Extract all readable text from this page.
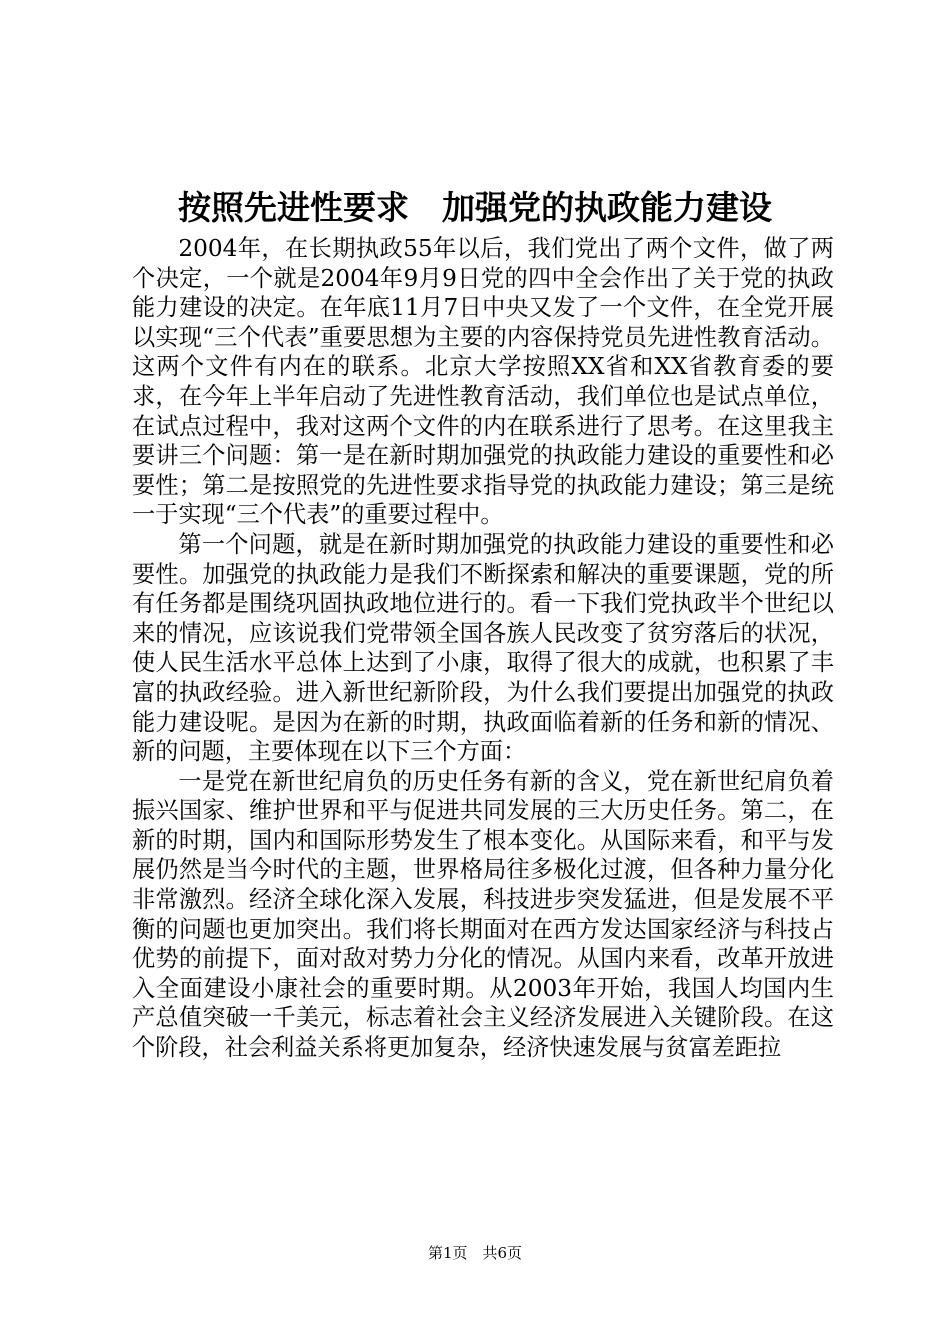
按照先进性要求　加强党的执政能力建设

2004年，在长期执政55年以后，我们党出了两个文件，做了两个决定，一个就是2004年9月9日党的四中全会作出了关于党的执政能力建设的决定。在年底11月7日中央又发了一个文件，在全党开展以实现“三个代表”重要思想为主要的内容保持党员先进性教育活动。这两个文件有内在的联系。北京大学按照XX省和XX省教育委的要求，在今年上半年启动了先进性教育活动，我们单位也是试点单位，在试点过程中，我对这两个文件的内在联系进行了思考。在这里我主要讲三个问题：第一是在新时期加强党的执政能力建设的重要性和必要性；第二是按照党的先进性要求指导党的执政能力建设；第三是统一于实现“三个代表”的重要过程中。

第一个问题，就是在新时期加强党的执政能力建设的重要性和必要性。加强党的执政能力是我们不断探索和解决的重要课题，党的所有任务都是围绕巩固执政地位进行的。看一下我们党执政半个世纪以来的情况，应该说我们党带领全国各族人民改变了贫穷落后的状况，使人民生活水平总体上达到了小康，取得了很大的成就，也积累了丰富的执政经验。进入新世纪新阶段，为什么我们要提出加强党的执政能力建设呢。是因为在新的时期，执政面临着新的任务和新的情况、新的问题，主要体现在以下三个方面：

一是党在新世纪肩负的历史任务有新的含义，党在新世纪肩负着振兴国家、维护世界和平与促进共同发展的三大历史任务。第二，在新的时期，国内和国际形势发生了根本变化。从国际来看，和平与发展仍然是当今时代的主题，世界格局往多极化过渡，但各种力量分化非常激烈。经济全球化深入发展，科技进步突发猛进，但是发展不平衡的问题也更加突出。我们将长期面对在西方发达国家经济与科技占优势的前提下，面对敌对势力分化的情况。从国内来看，改革开放进入全面建设小康社会的重要时期。从2003年开始，我国人均国内生产总值突破一千美元，标志着社会主义经济发展进入关键阶段。在这个阶段，社会利益关系将更加复杂，经济快速发展与贫富差距拉

第1页　共6页
